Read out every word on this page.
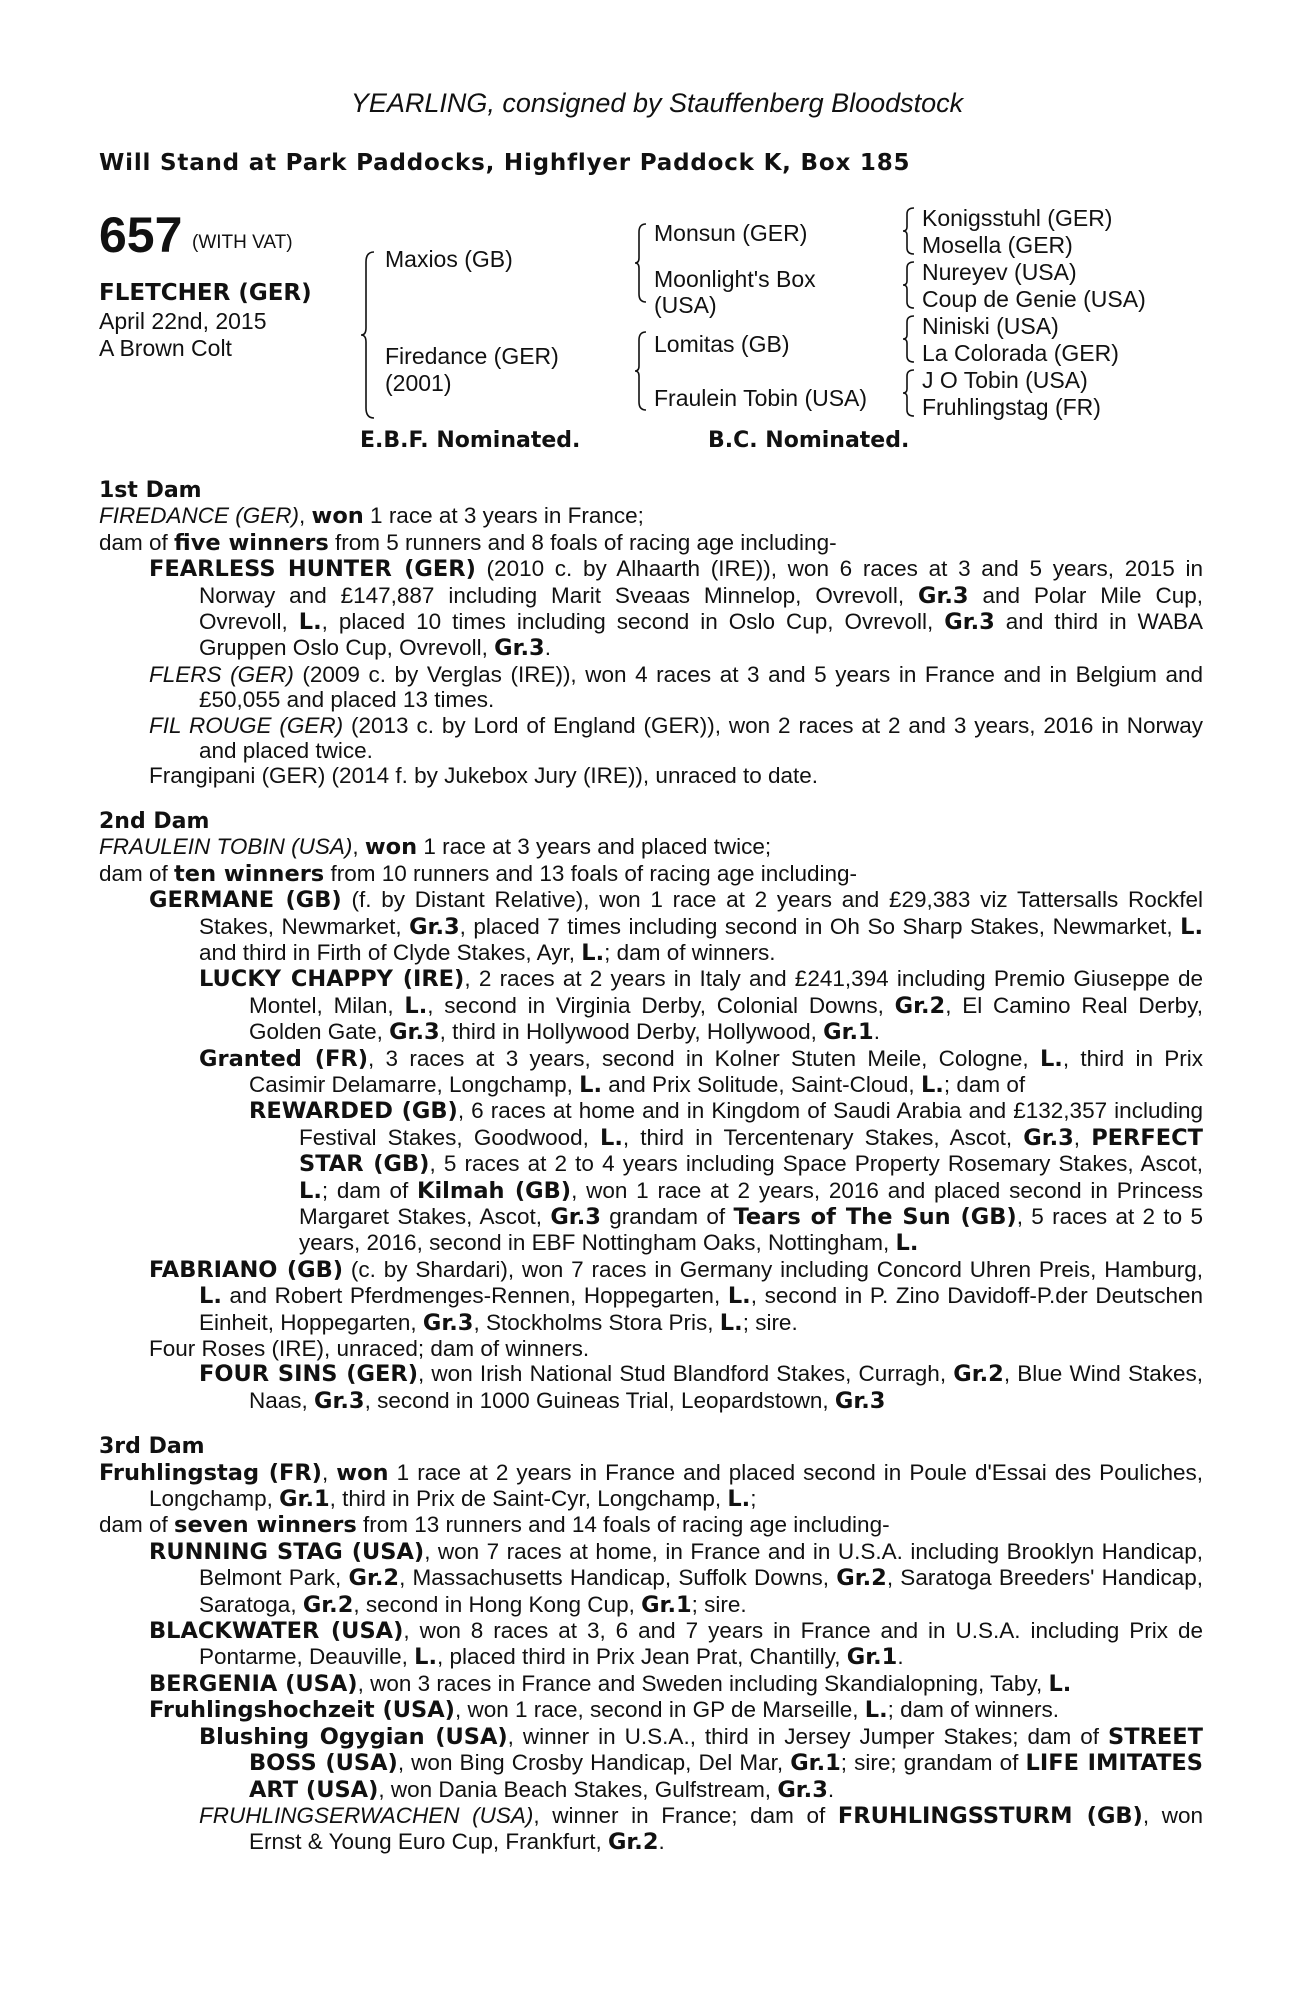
YEARLING, consigned by Stauffenberg Bloodstock
Will Stand at Park Paddocks, Highflyer Paddock K, Box 185
657 (WITH VAT)
FLETCHER (GER)
April 22nd, 2015
A Brown Colt
Maxios (GB)
Firedance (GER)
(2001)
Monsun (GER)
Moonlight's Box
(USA)
Lomitas (GB)
Fraulein Tobin (USA)
Konigsstuhl (GER)
Mosella (GER)
Nureyev (USA)
Coup de Genie (USA)
Niniski (USA)
La Colorada (GER)
J O Tobin (USA)
Fruhlingstag (FR)
E.B.F. Nominated.	B.C. Nominated.

1st Dam

FIREDANCE (GER), won 1 race at 3 years in France;

dam of five winners from 5 runners and 8 foals of racing age including-

FEARLESS HUNTER (GER) (2010 c. by Alhaarth (IRE)), won 6 races at 3 and 5 years, 2015 in Norway and £147,887 including Marit Sveaas Minnelop, Ovrevoll, Gr.3 and Polar Mile Cup, Ovrevoll, L., placed 10 times including second in Oslo Cup, Ovrevoll, Gr.3 and third in WABA Gruppen Oslo Cup, Ovrevoll, Gr.3.

FLERS (GER) (2009 c. by Verglas (IRE)), won 4 races at 3 and 5 years in France and in Belgium and £50,055 and placed 13 times.

FIL ROUGE (GER) (2013 c. by Lord of England (GER)), won 2 races at 2 and 3 years, 2016 in Norway and placed twice.

Frangipani (GER) (2014 f. by Jukebox Jury (IRE)), unraced to date.

2nd Dam

FRAULEIN TOBIN (USA), won 1 race at 3 years and placed twice;

dam of ten winners from 10 runners and 13 foals of racing age including-

GERMANE (GB) (f. by Distant Relative), won 1 race at 2 years and £29,383 viz Tattersalls Rockfel Stakes, Newmarket, Gr.3, placed 7 times including second in Oh So Sharp Stakes, Newmarket, L. and third in Firth of Clyde Stakes, Ayr, L.; dam of winners.

LUCKY CHAPPY (IRE), 2 races at 2 years in Italy and £241,394 including Premio Giuseppe de Montel, Milan, L., second in Virginia Derby, Colonial Downs, Gr.2, El Camino Real Derby, Golden Gate, Gr.3, third in Hollywood Derby, Hollywood, Gr.1.

Granted (FR), 3 races at 3 years, second in Kolner Stuten Meile, Cologne, L., third in Prix Casimir Delamarre, Longchamp, L. and Prix Solitude, Saint-Cloud, L.; dam of

REWARDED (GB), 6 races at home and in Kingdom of Saudi Arabia and £132,357 including Festival Stakes, Goodwood, L., third in Tercentenary Stakes, Ascot, Gr.3, PERFECT STAR (GB), 5 races at 2 to 4 years including Space Property Rosemary Stakes, Ascot, L.; dam of Kilmah (GB), won 1 race at 2 years, 2016 and placed second in Princess Margaret Stakes, Ascot, Gr.3 grandam of Tears of The Sun (GB), 5 races at 2 to 5 years, 2016, second in EBF Nottingham Oaks, Nottingham, L.

FABRIANO (GB) (c. by Shardari), won 7 races in Germany including Concord Uhren Preis, Hamburg, L. and Robert Pferdmenges-Rennen, Hoppegarten, L., second in P. Zino Davidoff-P.der Deutschen Einheit, Hoppegarten, Gr.3, Stockholms Stora Pris, L.; sire.

Four Roses (IRE), unraced; dam of winners.

FOUR SINS (GER), won Irish National Stud Blandford Stakes, Curragh, Gr.2, Blue Wind Stakes, Naas, Gr.3, second in 1000 Guineas Trial, Leopardstown, Gr.3

3rd Dam

Fruhlingstag (FR), won 1 race at 2 years in France and placed second in Poule d'Essai des Pouliches, Longchamp, Gr.1, third in Prix de Saint-Cyr, Longchamp, L.;

dam of seven winners from 13 runners and 14 foals of racing age including-

RUNNING STAG (USA), won 7 races at home, in France and in U.S.A. including Brooklyn Handicap, Belmont Park, Gr.2, Massachusetts Handicap, Suffolk Downs, Gr.2, Saratoga Breeders' Handicap, Saratoga, Gr.2, second in Hong Kong Cup, Gr.1; sire.

BLACKWATER (USA), won 8 races at 3, 6 and 7 years in France and in U.S.A. including Prix de Pontarme, Deauville, L., placed third in Prix Jean Prat, Chantilly, Gr.1.

BERGENIA (USA), won 3 races in France and Sweden including Skandialopning, Taby, L.

Fruhlingshochzeit (USA), won 1 race, second in GP de Marseille, L.; dam of winners.

Blushing Ogygian (USA), winner in U.S.A., third in Jersey Jumper Stakes; dam of STREET BOSS (USA), won Bing Crosby Handicap, Del Mar, Gr.1; sire; grandam of LIFE IMITATES ART (USA), won Dania Beach Stakes, Gulfstream, Gr.3.

FRUHLINGSERWACHEN (USA), winner in France; dam of FRUHLINGSSTURM (GB), won Ernst & Young Euro Cup, Frankfurt, Gr.2.
